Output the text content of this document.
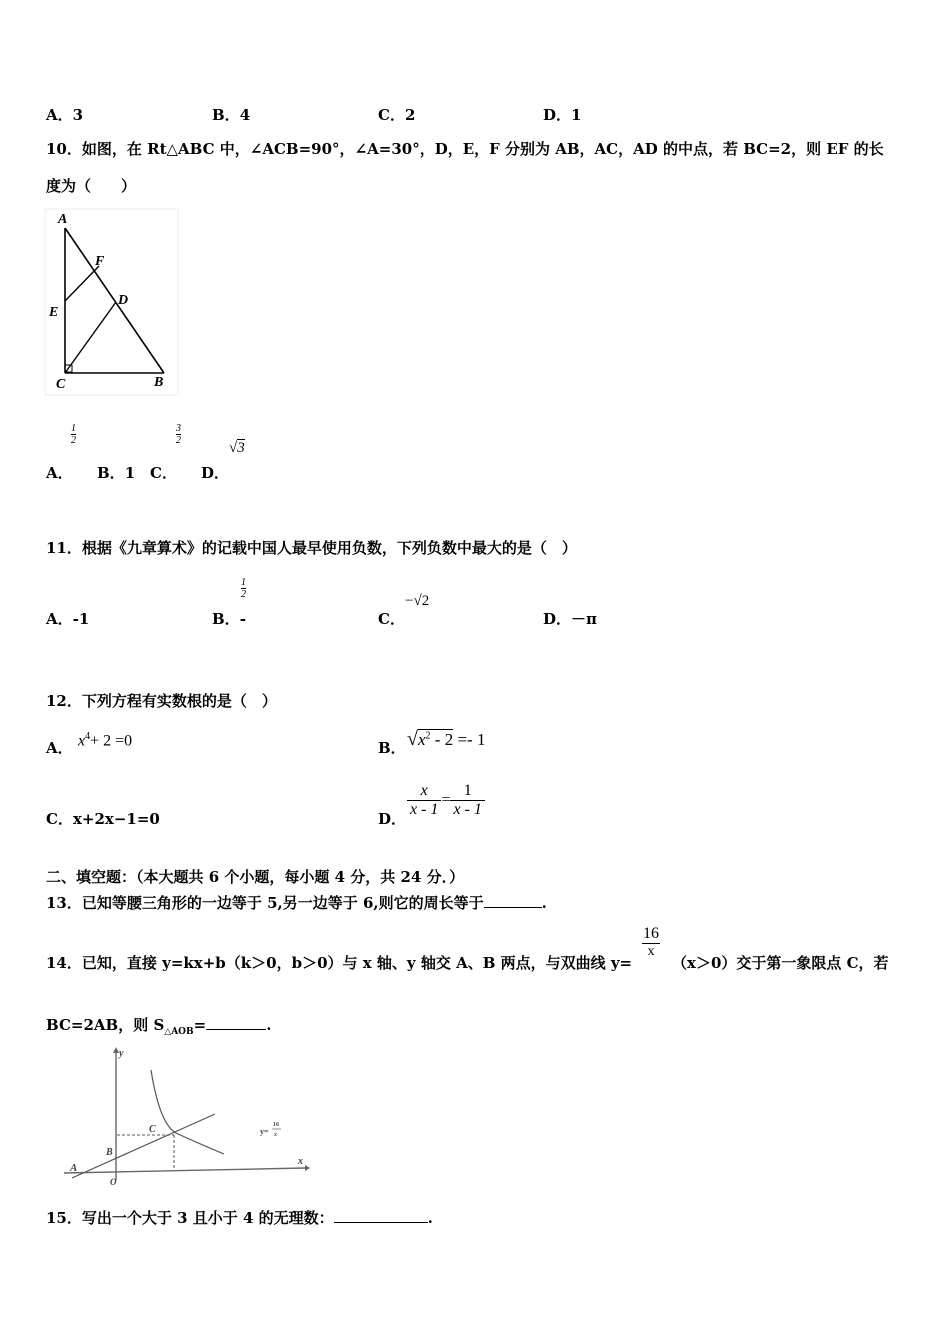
A．3	B．4	C．2	D．1
10．如图，在 Rt△ABC 中，∠ACB=90°，∠A=30°，D，E，F 分别为 AB，AC，AD 的中点，若 BC=2，则 EF 的长
度为（　　）
A
F
D
E
C	B
$\frac{1}{2}$
A． B．1 C．
$\frac{3}{2}$
D．
√3
11．根据《九章算术》的记载中国人最早使用负数，下列负数中最大的是（　）
A．-1	B．-
$\frac{1}{2}$
C．
−√2
D．－π
12．下列方程有实数根的是（　）
A． $x^4+ 2 =0$	B． $√x^2 - 2 =- 1$
C．x+2x−1=0	D． $\frac{x}{x - 1} = \frac{1}{x - 1}$
二、填空题：（本大题共 6 个小题，每小题 4 分，共 24 分．）
13．已知等腰三角形的一边等于 5,另一边等于 6,则它的周长等于	.
14．已知，直接 y=kx+b（k＞0，b＞0）与 x 轴、y 轴交 A、B 两点，与双曲线 y=
16
x
（x＞0）交于第一象限点 C，若
BC=2AB，则 $S_{\triangle AOB}=$	.
y
x
A
B
C
O
y=
16
x
15．写出一个大于 3 且小于 4 的无理数：	.
